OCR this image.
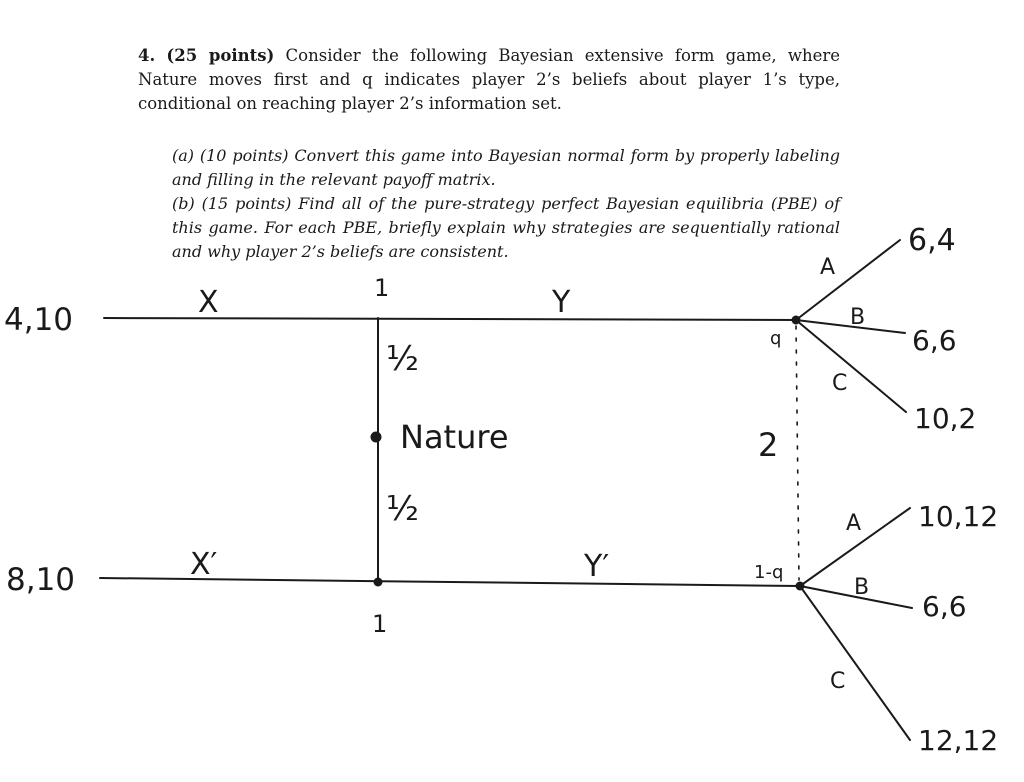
4. (25 points) Consider the following Bayesian extensive form game, where Nature moves first and q indicates player 2’s beliefs about player 1’s type, conditional on reaching player 2’s information set.
(a) (10 points) Convert this game into Bayesian normal form by properly labeling and filling in the relevant payoff matrix.
(b) (15 points) Find all of the pure-strategy perfect Bayesian equilibria (PBE) of this game. For each PBE, briefly explain why strategies are sequentially rational and why player 2’s beliefs are consistent.
4,10
8,10
X	Y
X′	Y′
1
1
½
½
Nature	2
q
1-q
A
B
C
A
B
C
6,4
6,6
10,2
10,12
6,6
12,12
